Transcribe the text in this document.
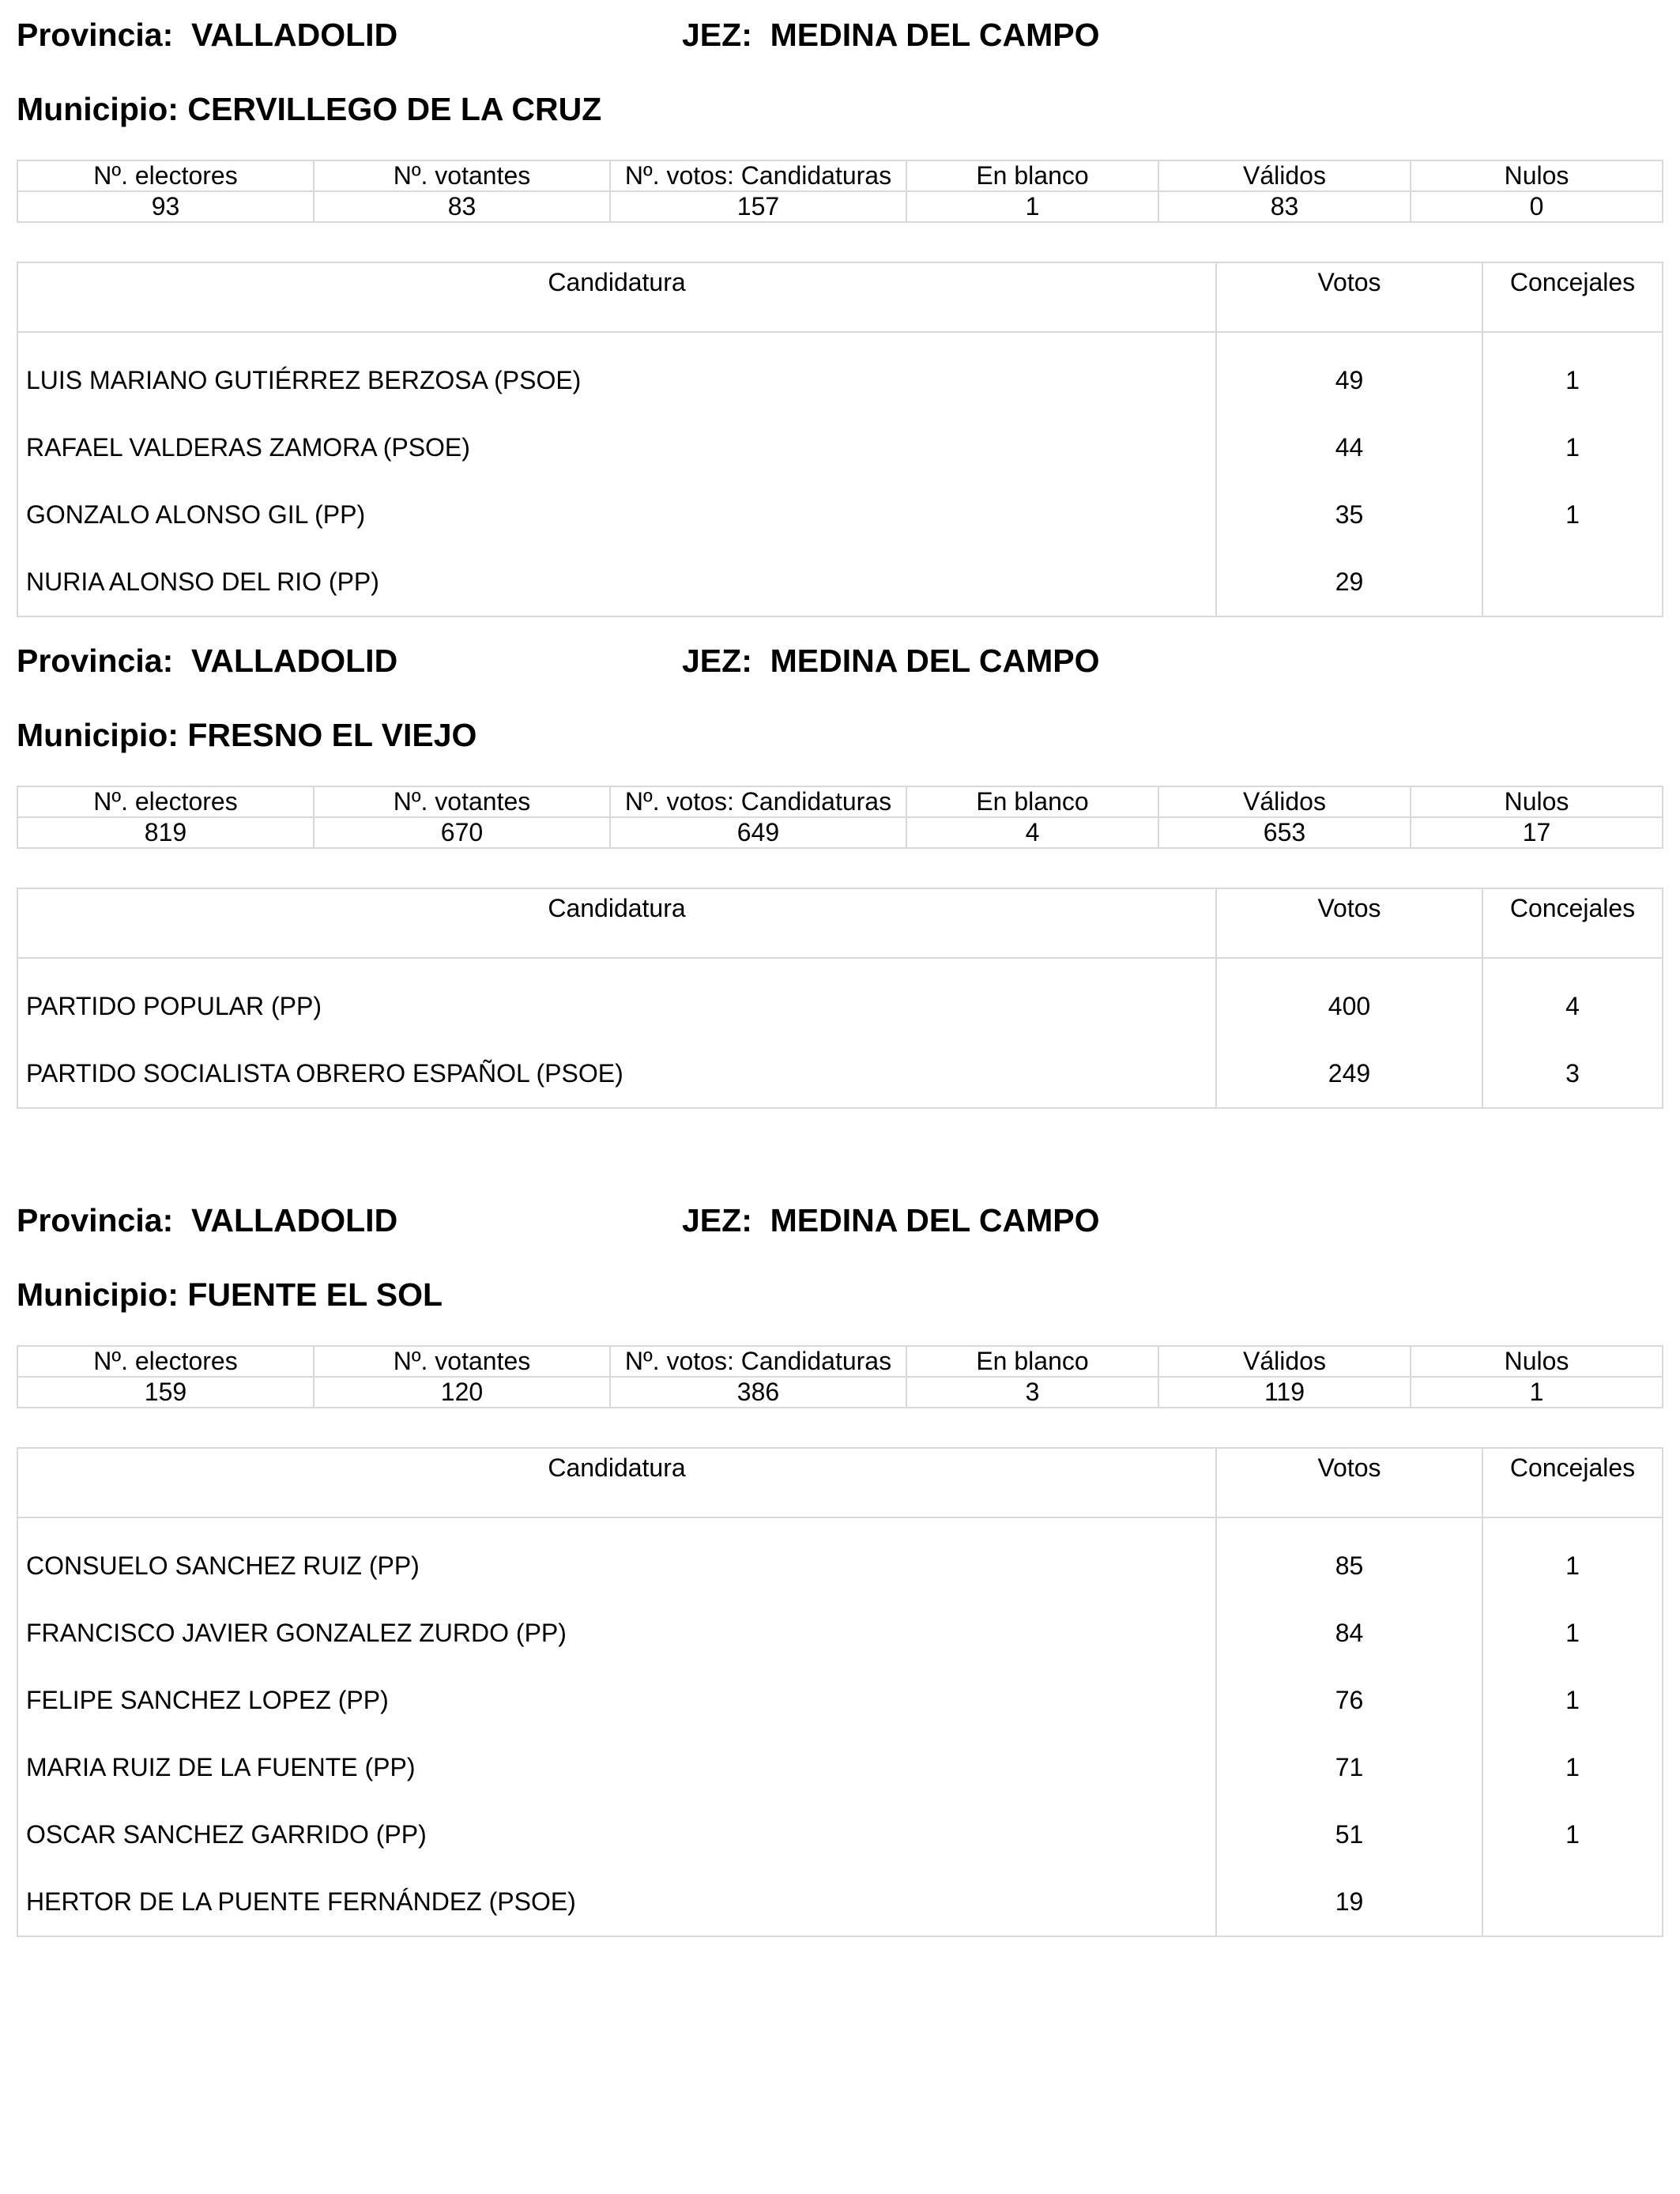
Provincia: VALLADOLID	JEZ: MEDINA DEL CAMPO
Municipio: CERVILLEGO DE LA CRUZ
Nº. electores	Nº. votantes	Nº. votos: Candidaturas	En blanco	Válidos	Nulos
93	83	157	1	83	0
Candidatura	Votos	Concejales
LUIS MARIANO GUTIÉRREZ BERZOSA (PSOE)	49	1
RAFAEL VALDERAS ZAMORA (PSOE)	44	1
GONZALO ALONSO GIL (PP)	35	1
NURIA ALONSO DEL RIO (PP)	29	
Provincia: VALLADOLID	JEZ: MEDINA DEL CAMPO
Municipio: FRESNO EL VIEJO
Nº. electores	Nº. votantes	Nº. votos: Candidaturas	En blanco	Válidos	Nulos
819	670	649	4	653	17
Candidatura	Votos	Concejales
PARTIDO POPULAR (PP)	400	4
PARTIDO SOCIALISTA OBRERO ESPAÑOL (PSOE)	249	3
Provincia: VALLADOLID	JEZ: MEDINA DEL CAMPO
Municipio: FUENTE EL SOL
Nº. electores	Nº. votantes	Nº. votos: Candidaturas	En blanco	Válidos	Nulos
159	120	386	3	119	1
Candidatura	Votos	Concejales
CONSUELO SANCHEZ RUIZ (PP)	85	1
FRANCISCO JAVIER GONZALEZ ZURDO (PP)	84	1
FELIPE SANCHEZ LOPEZ (PP)	76	1
MARIA RUIZ DE LA FUENTE (PP)	71	1
OSCAR SANCHEZ GARRIDO (PP)	51	1
HERTOR DE LA PUENTE FERNÁNDEZ (PSOE)	19	
